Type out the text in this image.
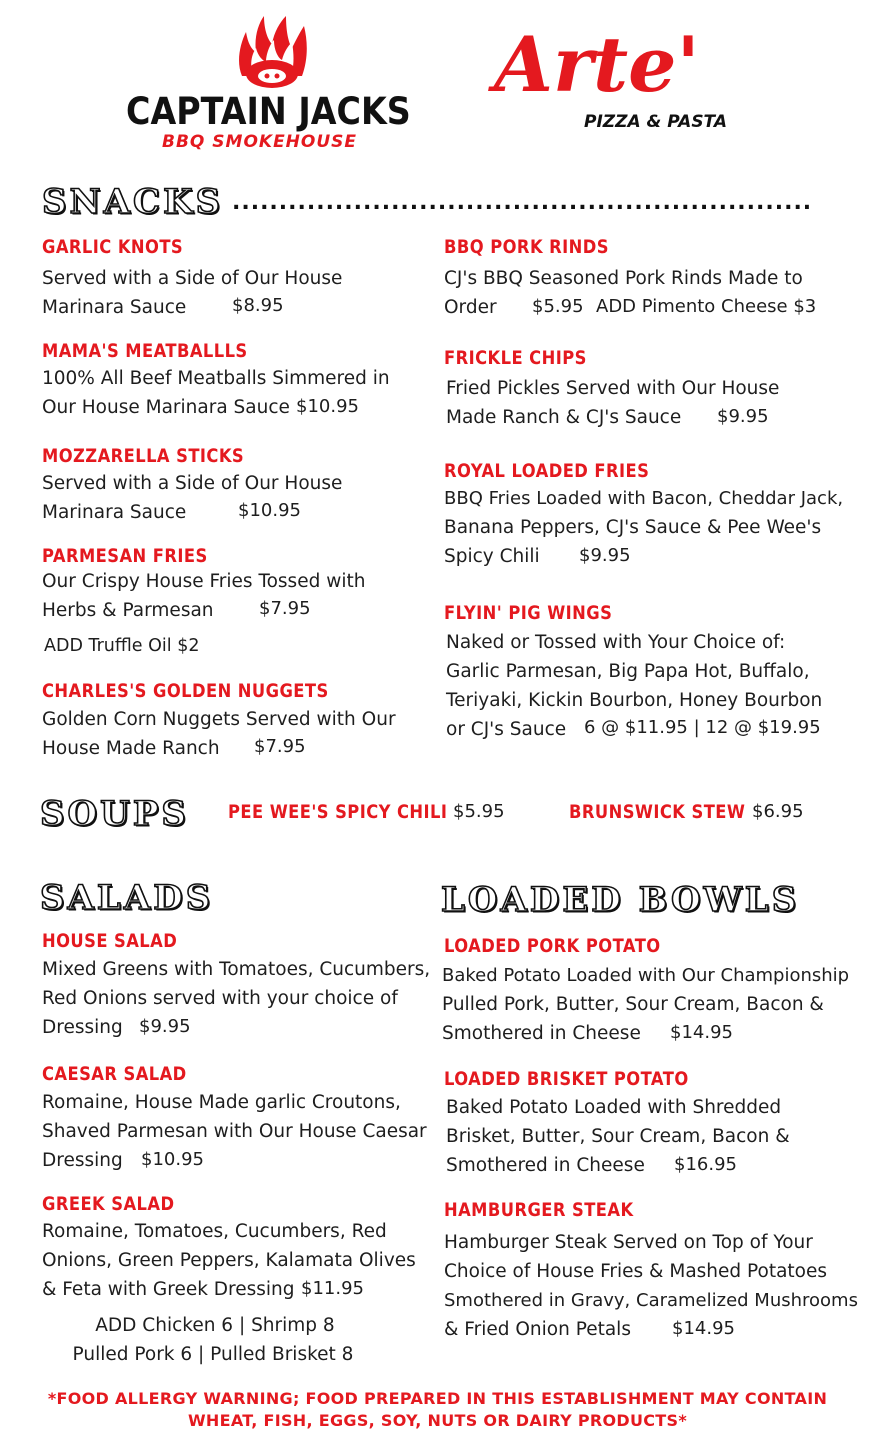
CAPTAIN JACKS
BBQ SMOKEHOUSE
Arte'
PIZZA & PASTA
SNACKS ..............................................................
GARLIC KNOTS
Served with a Side of Our House
Marinara Sauce	$8.95
MAMA'S MEATBALLLS
100% All Beef Meatballs Simmered in
Our House Marinara Sauce $10.95
MOZZARELLA STICKS
Served with a Side of Our House
Marinara Sauce	$10.95
PARMESAN FRIES
Our Crispy House Fries Tossed with
Herbs & Parmesan	$7.95
ADD Truffle Oil $2
CHARLES'S GOLDEN NUGGETS
Golden Corn Nuggets Served with Our
House Made Ranch $7.95
BBQ PORK RINDS
CJ's BBQ Seasoned Pork Rinds Made to
Order $5.95 ADD Pimento Cheese $3
FRICKLE CHIPS
Fried Pickles Served with Our House
Made Ranch & CJ's Sauce $9.95
ROYAL LOADED FRIES
BBQ Fries Loaded with Bacon, Cheddar Jack,
Banana Peppers, CJ's Sauce & Pee Wee's
Spicy Chili $9.95
FLYIN' PIG WINGS
Naked or Tossed with Your Choice of:
Garlic Parmesan, Big Papa Hot, Buffalo,
Teriyaki, Kickin Bourbon, Honey Bourbon
or CJ's Sauce 6 @ $11.95 | 12 @ $19.95
SOUPS PEE WEE'S SPICY CHILI $5.95	BRUNSWICK STEW $6.95
SALADS
HOUSE SALAD
Mixed Greens with Tomatoes, Cucumbers,
Red Onions served with your choice of
Dressing $9.95
CAESAR SALAD
Romaine, House Made garlic Croutons,
Shaved Parmesan with Our House Caesar
Dressing $10.95
GREEK SALAD
Romaine, Tomatoes, Cucumbers, Red
Onions, Green Peppers, Kalamata Olives
& Feta with Greek Dressing $11.95
ADD Chicken 6 | Shrimp 8
Pulled Pork 6 | Pulled Brisket 8
LOADED BOWLS
LOADED PORK POTATO
Baked Potato Loaded with Our Championship
Pulled Pork, Butter, Sour Cream, Bacon &
Smothered in Cheese $14.95
LOADED BRISKET POTATO
Baked Potato Loaded with Shredded
Brisket, Butter, Sour Cream, Bacon &
Smothered in Cheese $16.95
HAMBURGER STEAK
Hamburger Steak Served on Top of Your
Choice of House Fries & Mashed Potatoes
Smothered in Gravy, Caramelized Mushrooms
& Fried Onion Petals $14.95
*FOOD ALLERGY WARNING; FOOD PREPARED IN THIS ESTABLISHMENT MAY CONTAIN
WHEAT, FISH, EGGS, SOY, NUTS OR DAIRY PRODUCTS*
